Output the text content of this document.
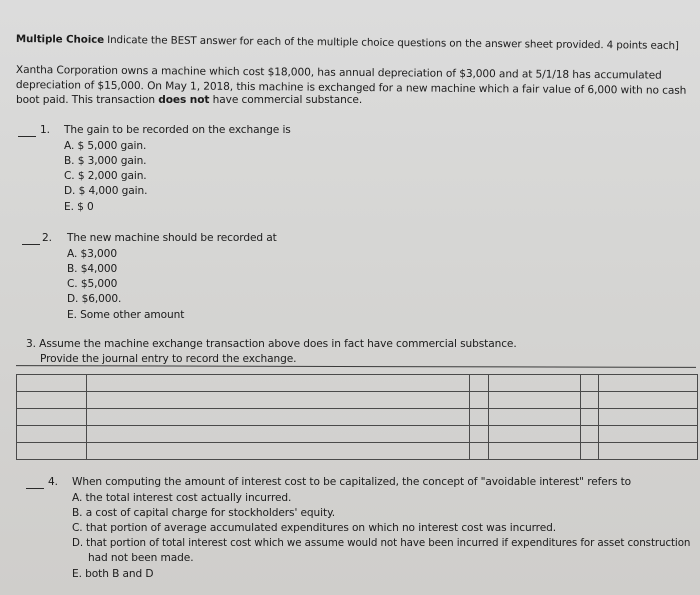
Multiple Choice Indicate the BEST answer for each of the multiple choice questions on the answer sheet provided. 4 points each]
Xantha Corporation owns a machine which cost $18,000, has annual depreciation of $3,000 and at 5/1/18 has accumulated
depreciation of $15,000. On May 1, 2018, this machine is exchanged for a new machine which a fair value of 6,000 with no cash
boot paid. This transaction does not have commercial substance.
1. The gain to be recorded on the exchange is
A. $ 5,000 gain.
B. $ 3,000 gain.
C. $ 2,000 gain.
D. $ 4,000 gain.
E. $ 0
2. The new machine should be recorded at
A. $3,000
B. $4,000
C. $5,000
D. $6,000.
E. Some other amount
3. Assume the machine exchange transaction above does in fact have commercial substance.
Provide the journal entry to record the exchange.

4. When computing the amount of interest cost to be capitalized, the concept of "avoidable interest" refers to
A. the total interest cost actually incurred.
B. a cost of capital charge for stockholders' equity.
C. that portion of average accumulated expenditures on which no interest cost was incurred.
D. that portion of total interest cost which we assume would not have been incurred if expenditures for asset construction
had not been made.
E. both B and D
